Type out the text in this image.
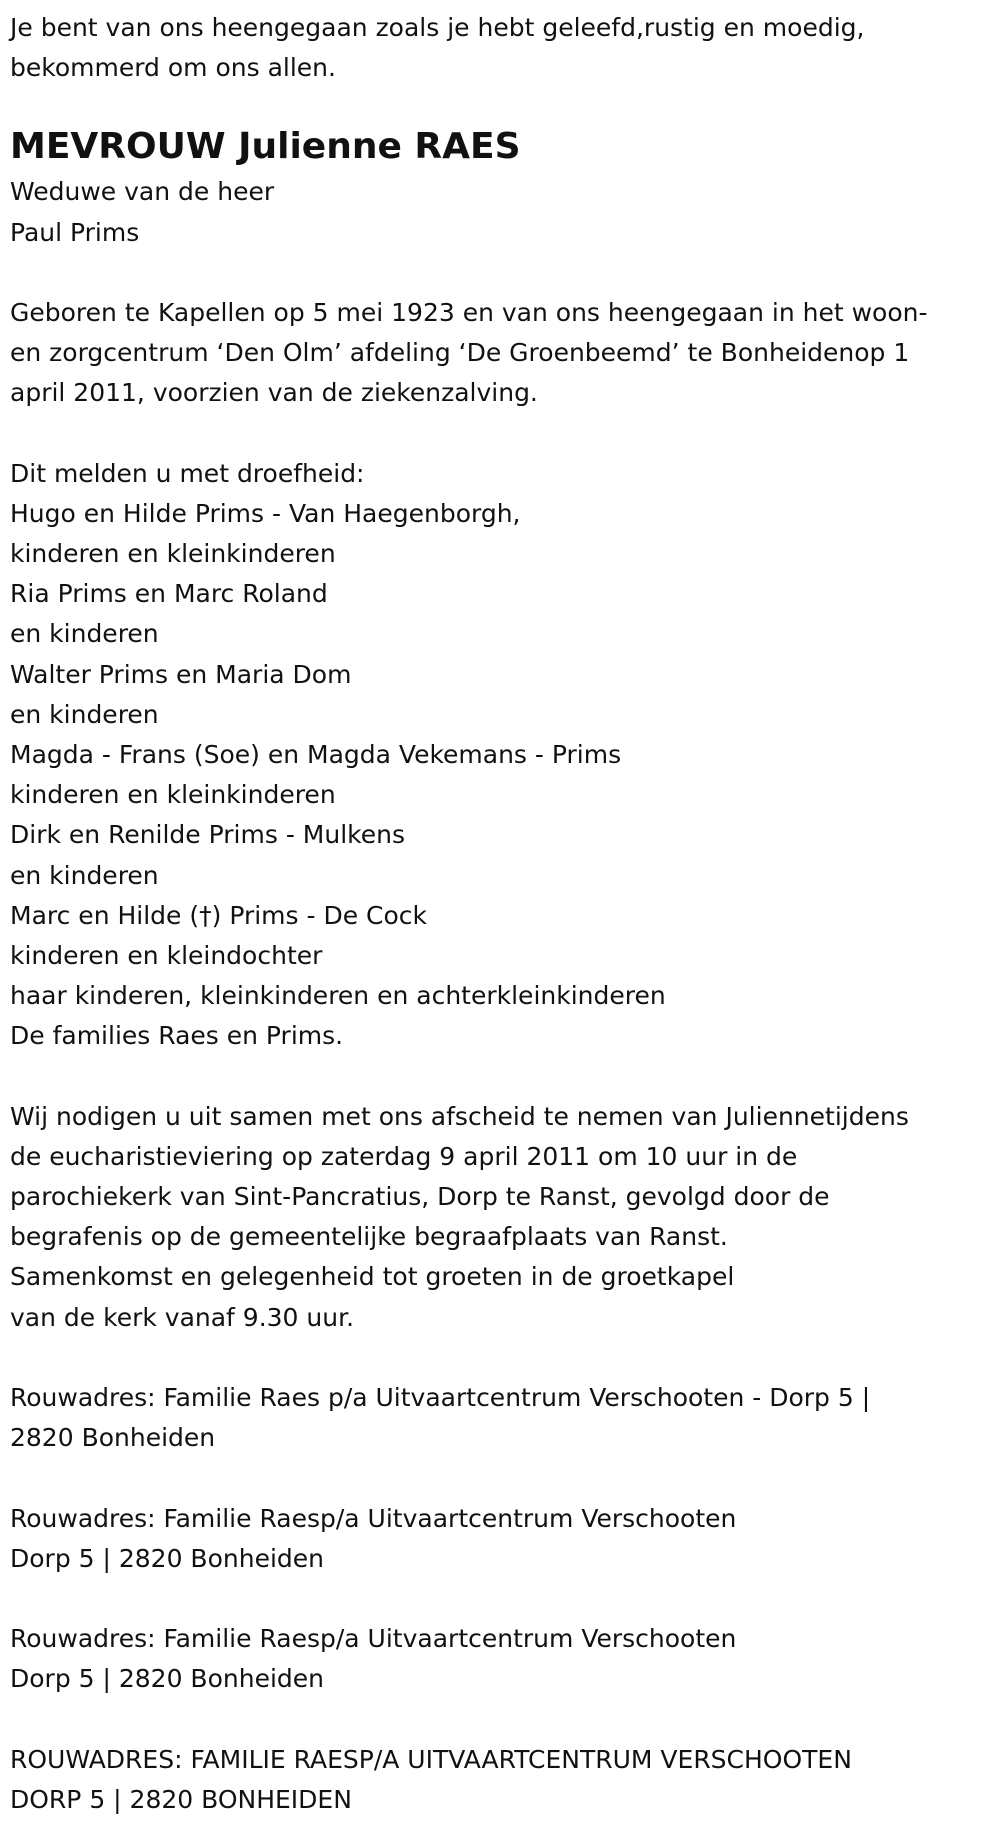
Je bent van ons heengegaan zoals je hebt geleefd,rustig en moedig,
bekommerd om ons allen.
MEVROUW Julienne RAES
Weduwe van de heer
Paul Prims
Geboren te Kapellen op 5 mei 1923 en van ons heengegaan in het woon-
en zorgcentrum ‘Den Olm’ afdeling ‘De Groenbeemd’ te Bonheidenop 1
april 2011, voorzien van de ziekenzalving.
Dit melden u met droefheid:
Hugo en Hilde Prims - Van Haegenborgh,
kinderen en kleinkinderen
Ria Prims en Marc Roland
en kinderen
Walter Prims en Maria Dom
en kinderen
Magda - Frans (Soe) en Magda Vekemans - Prims
kinderen en kleinkinderen
Dirk en Renilde Prims - Mulkens
en kinderen
Marc en Hilde (†) Prims - De Cock
kinderen en kleindochter
haar kinderen, kleinkinderen en achterkleinkinderen
De families Raes en Prims.
Wij nodigen u uit samen met ons afscheid te nemen van Juliennetijdens
de eucharistieviering op zaterdag 9 april 2011 om 10 uur in de
parochiekerk van Sint-Pancratius, Dorp te Ranst, gevolgd door de
begrafenis op de gemeentelijke begraafplaats van Ranst.
Samenkomst en gelegenheid tot groeten in de groetkapel
van de kerk vanaf 9.30 uur.
Rouwadres: Familie Raes p/a Uitvaartcentrum Verschooten - Dorp 5 |
2820 Bonheiden
Rouwadres: Familie Raesp/a Uitvaartcentrum Verschooten
Dorp 5 | 2820 Bonheiden
Rouwadres: Familie Raesp/a Uitvaartcentrum Verschooten
Dorp 5 | 2820 Bonheiden
ROUWADRES: FAMILIE RAESP/A UITVAARTCENTRUM VERSCHOOTEN
DORP 5 | 2820 BONHEIDEN
